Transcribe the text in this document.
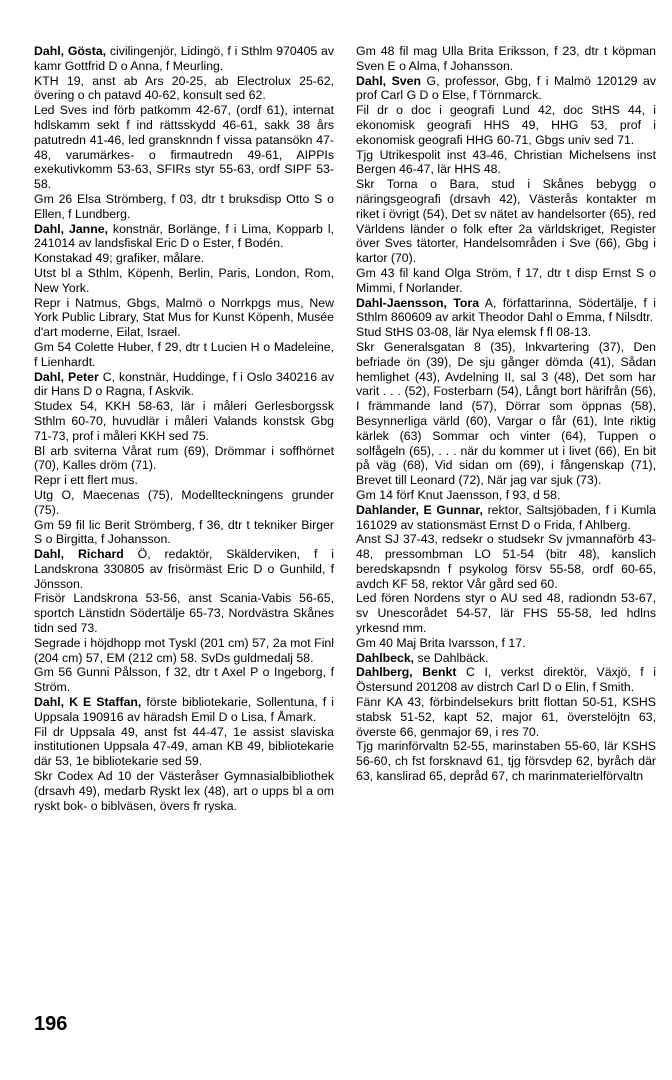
Dahl, Gösta, civilingenjör, Lidingö, f i Sthlm 970405 av kamr Gottfrid D o Anna, f Meurling.

KTH 19, anst ab Ars 20-25, ab Electrolux 25-62, övering o ch patavd 40-62, konsult sed 62.

Led Sves ind förb patkomm 42-67, (ordf 61), internat hdlskamm sekt f ind rättsskydd 46-61, sakk 38 års patutredn 41-46, led gransknndn f vissa patansökn 47-48, varumärkes- o firmautredn 49-61, AIPPIs exekutivkomm 53-63, SFIRs styr 55-63, ordf SIPF 53-58.

Gm 26 Elsa Strömberg, f 03, dtr t bruksdisp Otto S o Ellen, f Lundberg.

Dahl, Janne, konstnär, Borlänge, f i Lima, Kopparb l, 241014 av landsfiskal Eric D o Ester, f Bodén.

Konstakad 49; grafiker, målare.

Utst bl a Sthlm, Köpenh, Berlin, Paris, London, Rom, New York.

Repr i Natmus, Gbgs, Malmö o Norrkpgs mus, New York Public Library, Stat Mus for Kunst Köpenh, Musée d'art moderne, Eilat, Israel.

Gm 54 Colette Huber, f 29, dtr t Lucien H o Madeleine, f Lienhardt.

Dahl, Peter C, konstnär, Huddinge, f i Oslo 340216 av dir Hans D o Ragna, f Askvik.

Studex 54, KKH 58-63, lär i måleri Gerlesborgssk Sthlm 60-70, huvudlär i måleri Valands konstsk Gbg 71-73, prof i måleri KKH sed 75.

Bl arb sviterna Vårat rum (69), Drömmar i soffhörnet (70), Kalles dröm (71).

Repr i ett flert mus.

Utg O, Maecenas (75), Modellteckningens grunder (75).

Gm 59 fil lic Berit Strömberg, f 36, dtr t tekniker Birger S o Birgitta, f Johansson.

Dahl, Richard Ö, redaktör, Skälderviken, f i Landskrona 330805 av frisörmäst Eric D o Gunhild, f Jönsson.

Frisör Landskrona 53-56, anst Scania-Vabis 56-65, sportch Länstidn Södertälje 65-73, Nordvästra Skånes tidn sed 73.

Segrade i höjdhopp mot Tyskl (201 cm) 57, 2a mot Finl (204 cm) 57, EM (212 cm) 58. SvDs guldmedalj 58.

Gm 56 Gunni Pålsson, f 32, dtr t Axel P o Ingeborg, f Ström.

Dahl, K E Staffan, förste bibliotekarie, Sollentuna, f i Uppsala 190916 av häradsh Emil D o Lisa, f Åmark.

Fil dr Uppsala 49, anst fst 44-47, 1e assist slaviska institutionen Uppsala 47-49, aman KB 49, bibliotekarie där 53, 1e bibliotekarie sed 59.

Skr Codex Ad 10 der Västeråser Gymnasialbibliothek (drsavh 49), medarb Ryskt lex (48), art o upps bl a om ryskt bok- o biblväsen, övers fr ryska.

Gm 48 fil mag Ulla Brita Eriksson, f 23, dtr t köpman Sven E o Alma, f Johansson.

Dahl, Sven G, professor, Gbg, f i Malmö 120129 av prof Carl G D o Else, f Törnmarck.

Fil dr o doc i geografi Lund 42, doc StHS 44, i ekonomisk geografi HHS 49, HHG 53, prof i ekonomisk geografi HHG 60-71, Gbgs univ sed 71.

Tjg Utrikespolit inst 43-46, Christian Michelsens inst Bergen 46-47, lär HHS 48.

Skr Torna o Bara, stud i Skånes bebygg o näringsgeografi (drsavh 42), Västerås kontakter m riket i övrigt (54), Det sv nätet av handelsorter (65), red Världens länder o folk efter 2a världskriget, Register över Sves tätorter, Handelsområden i Sve (66), Gbg i kartor (70).

Gm 43 fil kand Olga Ström, f 17, dtr t disp Ernst S o Mimmi, f Norlander.

Dahl-Jaensson, Tora A, författarinna, Södertälje, f i Sthlm 860609 av arkit Theodor Dahl o Emma, f Nilsdtr.

Stud StHS 03-08, lär Nya elemsk f fl 08-13.

Skr Generalsgatan 8 (35), Inkvartering (37), Den befriade ön (39), De sju gånger dömda (41), Sådan hemlighet (43), Avdelning II, sal 3 (48), Det som har varit . . . (52), Fosterbarn (54), Långt bort härifrån (56), I främmande land (57), Dörrar som öppnas (58), Besynnerliga värld (60), Vargar o får (61), Inte riktig kärlek (63) Sommar och vinter (64), Tuppen o solfågeln (65), . . . när du kommer ut i livet (66), En bit på väg (68), Vid sidan om (69), i fångenskap (71), Brevet till Leonard (72), När jag var sjuk (73).

Gm 14 förf Knut Jaensson, f 93, d 58.

Dahlander, E Gunnar, rektor, Saltsjöbaden, f i Kumla 161029 av stationsmäst Ernst D o Frida, f Ahlberg.

Anst SJ 37-43, redsekr o studsekr Sv jvmannaförb 43-48, pressombman LO 51-54 (bitr 48), kanslich beredskapsndn f psykolog försv 55-58, ordf 60-65, avdch KF 58, rektor Vår gård sed 60.

Led fören Nordens styr o AU sed 48, radiondn 53-67, sv Unescorådet 54-57, lär FHS 55-58, led hdlns yrkesnd mm.

Gm 40 Maj Brita Ivarsson, f 17.

Dahlbeck, se Dahlbäck.

Dahlberg, Benkt C I, verkst direktör, Växjö, f i Östersund 201208 av distrch Carl D o Elin, f Smith.

Fänr KA 43, förbindelsekurs britt flottan 50-51, KSHS stabsk 51-52, kapt 52, major 61, överstelöjtn 63, överste 66, genmajor 69, i res 70.

Tjg marinförvaltn 52-55, marinstaben 55-60, lär KSHS 56-60, ch fst forsknavd 61, tjg försvdep 62, byråch där 63, kanslirad 65, depråd 67, ch marinmaterielförvaltn

196
